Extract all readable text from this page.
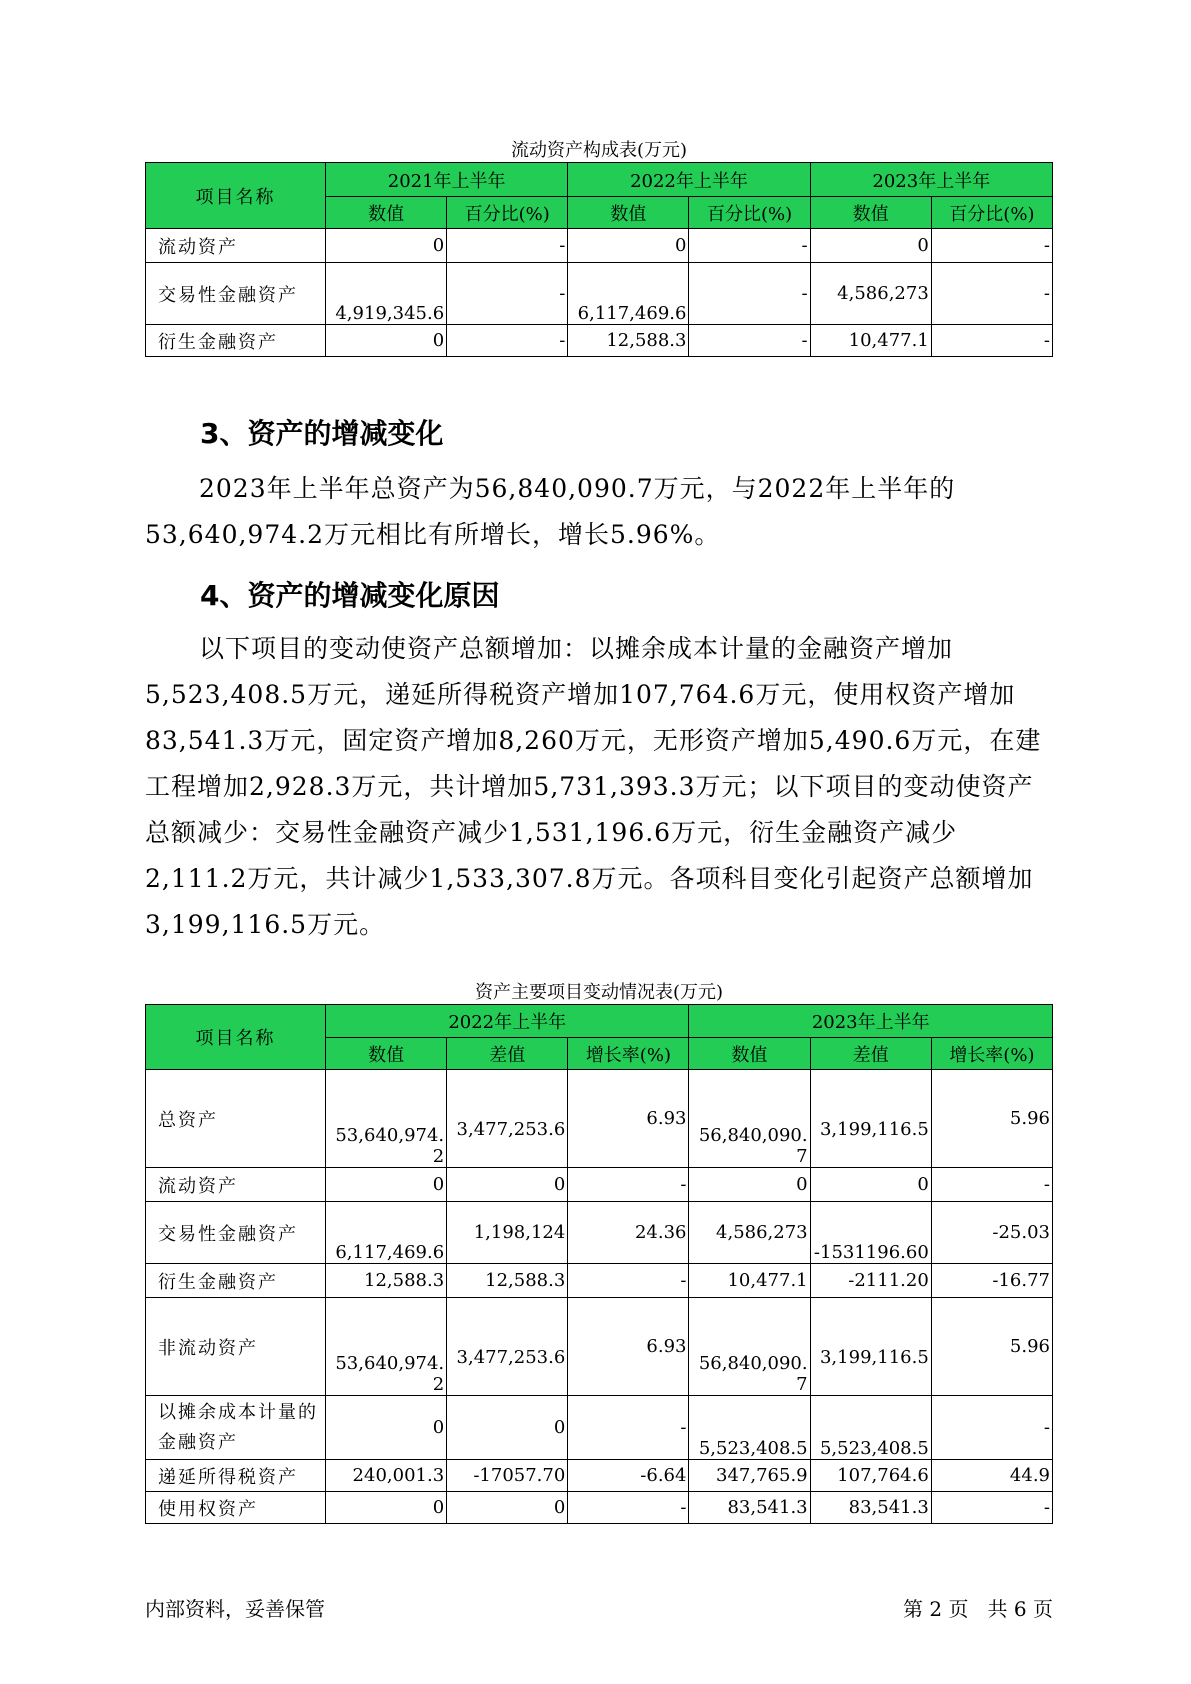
流动资产构成表(万元)
项目名称	2021年上半年		2022年上半年		2023年上半年	
	数值	百分比(%)	数值	百分比(%)	数值	百分比(%)
流动资产	0	-	0	-	0	-
交易性金融资产	4,919,345.6	-	6,117,469.6	-	4,586,273	-
衍生金融资产	0	-	12,588.3	-	10,477.1	-
3、资产的增减变化

2023年上半年总资产为56,840,090.7万元，与2022年上半年的53,640,974.2万元相比有所增长，增长5.96%。

4、资产的增减变化原因

以下项目的变动使资产总额增加：以摊余成本计量的金融资产增加5,523,408.5万元，递延所得税资产增加107,764.6万元，使用权资产增加83,541.3万元，固定资产增加8,260万元，无形资产增加5,490.6万元，在建工程增加2,928.3万元，共计增加5,731,393.3万元；以下项目的变动使资产总额减少：交易性金融资产减少1,531,196.6万元，衍生金融资产减少2,111.2万元，共计减少1,533,307.8万元。各项科目变化引起资产总额增加3,199,116.5万元。

资产主要项目变动情况表(万元)
项目名称	2022年上半年			2023年上半年		
	数值	差值	增长率(%)	数值	差值	增长率(%)
总资产	53,640,974.2	3,477,253.6	6.93	56,840,090.7	3,199,116.5	5.96
流动资产	0	0	-	0	0	-
交易性金融资产	6,117,469.6	1,198,124	24.36	4,586,273	-1531196.60	-25.03
衍生金融资产	12,588.3	12,588.3	-	10,477.1	-2111.20	-16.77
非流动资产	53,640,974.2	3,477,253.6	6.93	56,840,090.7	3,199,116.5	5.96
以摊余成本计量的金融资产	0	0	-	5,523,408.5	5,523,408.5	-
递延所得税资产	240,001.3	-17057.70	-6.64	347,765.9	107,764.6	44.9
使用权资产	0	0	-	83,541.3	83,541.3	-
内部资料，妥善保管	第 2 页   共 6 页
